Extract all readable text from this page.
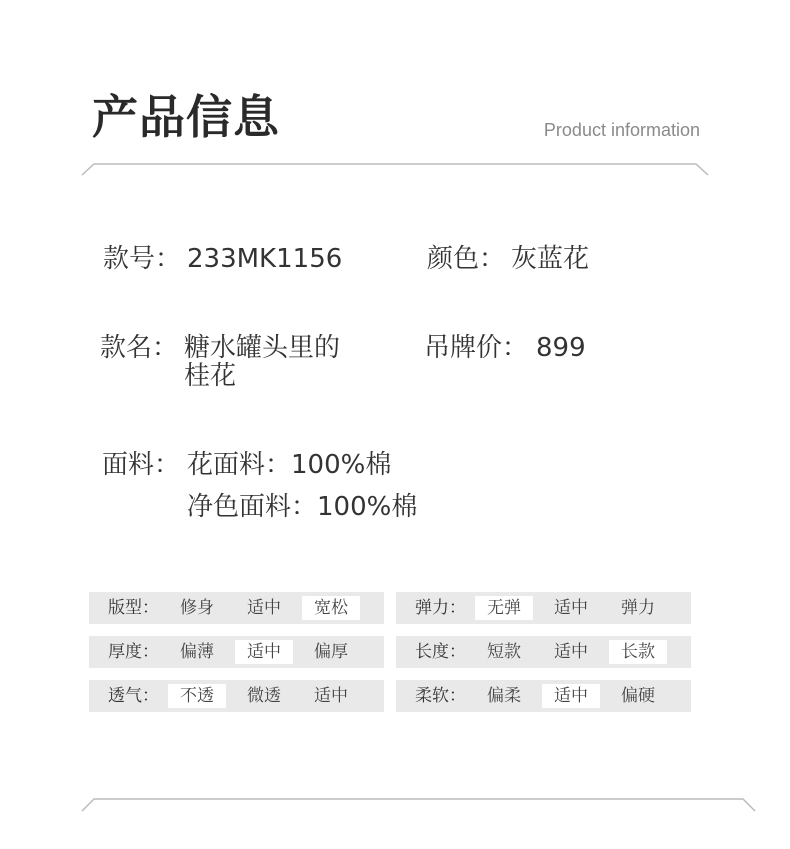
产品信息	Product information
款号： 233MK1156	颜色： 灰蓝花
款名： 糖水罐头里的
桂花
吊牌价： 899
面料： 花面料：100%棉
净色面料：100%棉
版型：	修身	适中	宽松
厚度：	偏薄	适中	偏厚
透气：	不透	微透	适中
弹力：	无弹	适中	弹力
长度：	短款	适中	长款
柔软：	偏柔	适中	偏硬
